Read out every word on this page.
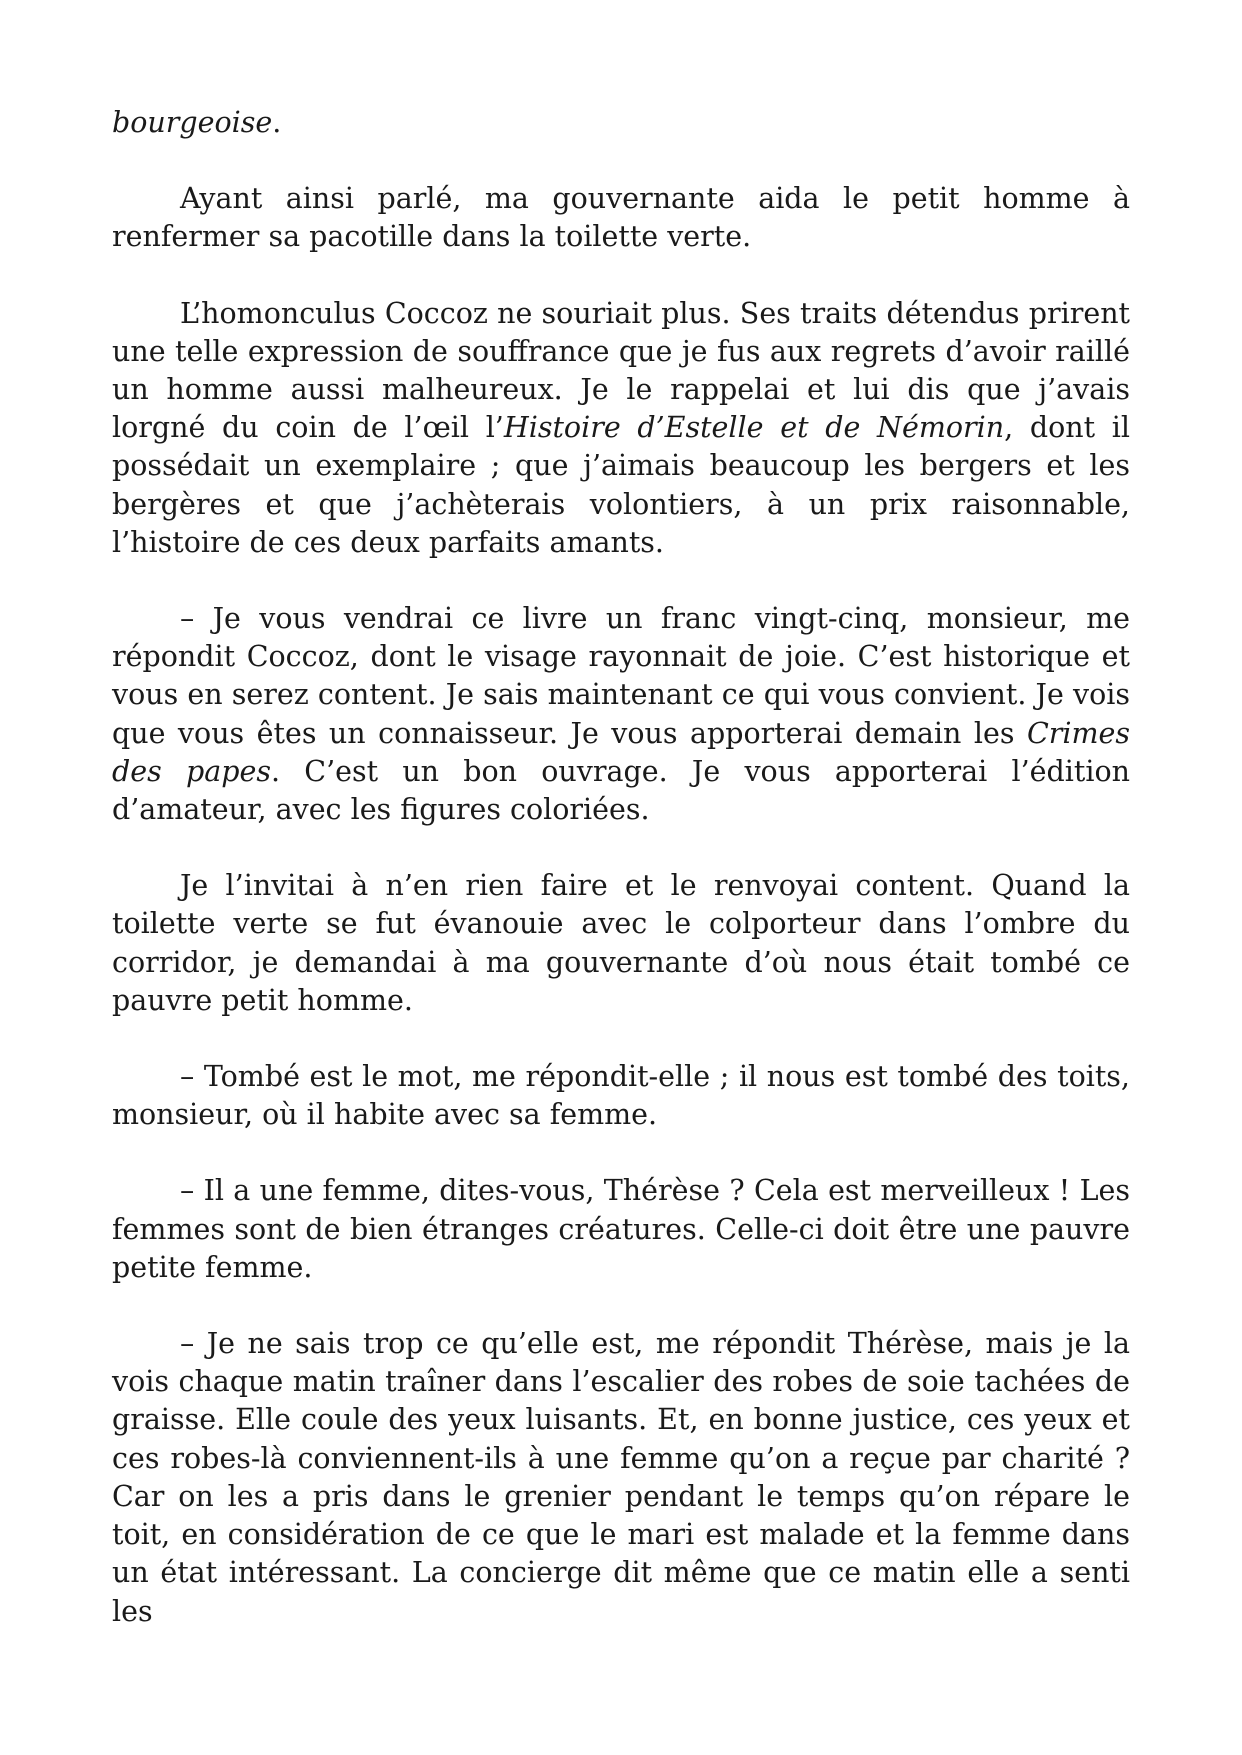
bourgeoise.

Ayant ainsi parlé, ma gouvernante aida le petit homme à renfermer sa pacotille dans la toilette verte.

L’homonculus Coccoz ne souriait plus. Ses traits détendus prirent une telle expression de souffrance que je fus aux regrets d’avoir raillé un homme aussi malheureux. Je le rappelai et lui dis que j’avais lorgné du coin de l’œil l’Histoire d’Estelle et de Némorin, dont il possédait un exemplaire ; que j’aimais beaucoup les bergers et les bergères et que j’achèterais volontiers, à un prix raisonnable, l’histoire de ces deux parfaits amants.

– Je vous vendrai ce livre un franc vingt-cinq, monsieur, me répondit Coccoz, dont le visage rayonnait de joie. C’est historique et vous en serez content. Je sais maintenant ce qui vous convient. Je vois que vous êtes un connaisseur. Je vous apporterai demain les Crimes des papes. C’est un bon ouvrage. Je vous apporterai l’édition d’amateur, avec les figures coloriées.

Je l’invitai à n’en rien faire et le renvoyai content. Quand la toilette verte se fut évanouie avec le colporteur dans l’ombre du corridor, je demandai à ma gouvernante d’où nous était tombé ce pauvre petit homme.

– Tombé est le mot, me répondit-elle ; il nous est tombé des toits, monsieur, où il habite avec sa femme.

– Il a une femme, dites-vous, Thérèse ? Cela est merveilleux ! Les femmes sont de bien étranges créatures. Celle-ci doit être une pauvre petite femme.

– Je ne sais trop ce qu’elle est, me répondit Thérèse, mais je la vois chaque matin traîner dans l’escalier des robes de soie tachées de graisse. Elle coule des yeux luisants. Et, en bonne justice, ces yeux et ces robes-là conviennent-ils à une femme qu’on a reçue par charité ? Car on les a pris dans le grenier pendant le temps qu’on répare le toit, en considération de ce que le mari est malade et la femme dans un état intéressant. La concierge dit même que ce matin elle a senti les
